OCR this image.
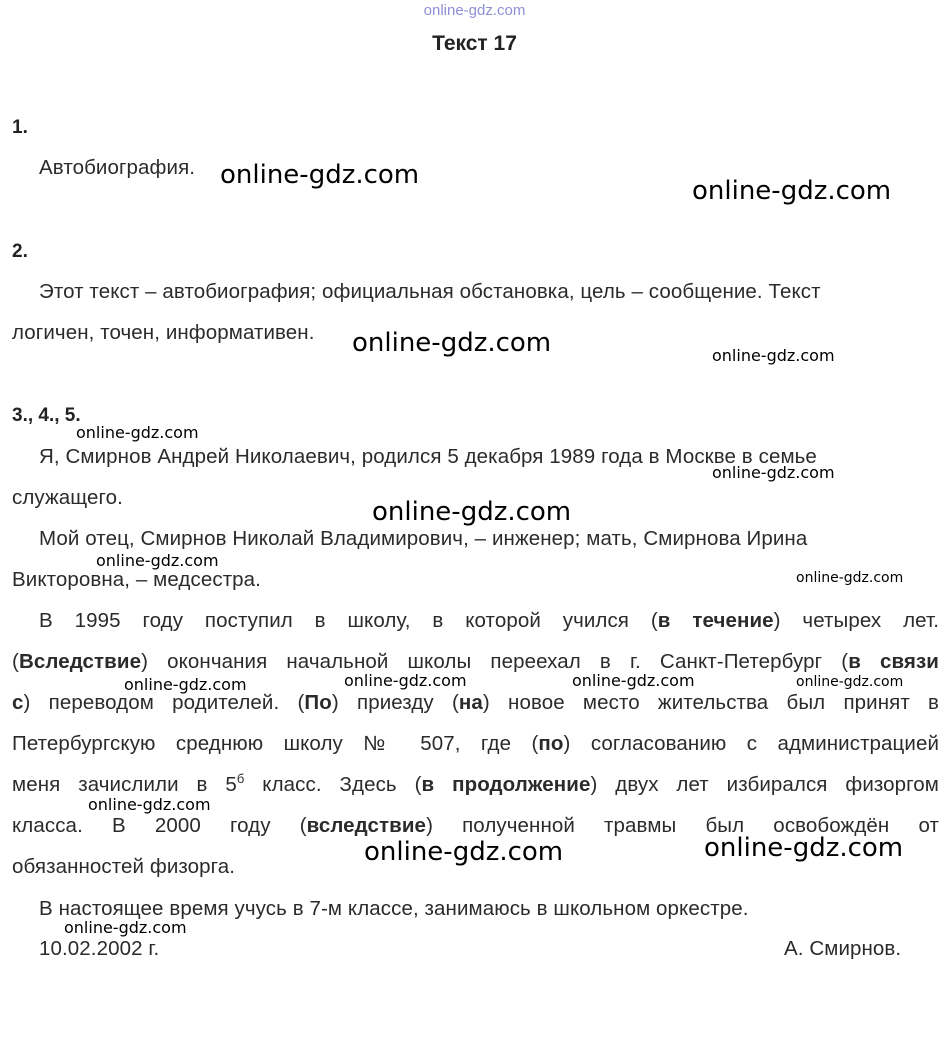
online-gdz.com
Текст 17
1.
Автобиография.
2.
Этот текст – автобиография; официальная обстановка, цель – сообщение. Текст
логичен, точен, информативен.
3., 4., 5.
Я, Смирнов Андрей Николаевич, родился 5 декабря 1989 года в Москве в семье
служащего.
Мой отец, Смирнов Николай Владимирович, – инженер; мать, Смирнова Ирина
Викторовна, – медсестра.
В 1995 году поступил в школу, в которой учился (в течение) четырех лет.
(Вследствие) окончания начальной школы переехал в г. Санкт-Петербург (в связи
с) переводом родителей. (По) приезду (на) новое место жительства был принят в
Петербургскую среднюю школу № 507, где (по) согласованию с администрацией
меня зачислили в $5^б$ класс. Здесь (в продолжение) двух лет избирался физоргом
класса. В 2000 году (вследствие) полученной травмы был освобождён от
обязанностей физорга.
В настоящее время учусь в 7-м классе, занимаюсь в школьном оркестре.
10.02.2002 г.	А. Смирнов.
online-gdz.com
online-gdz.com
online-gdz.com	online-gdz.com
online-gdz.com
online-gdz.com
online-gdz.com
online-gdz.com
online-gdz.com
online-gdz.com	online-gdz.com	online-gdz.com	online-gdz.com
online-gdz.com
online-gdz.com	online-gdz.com
online-gdz.com
